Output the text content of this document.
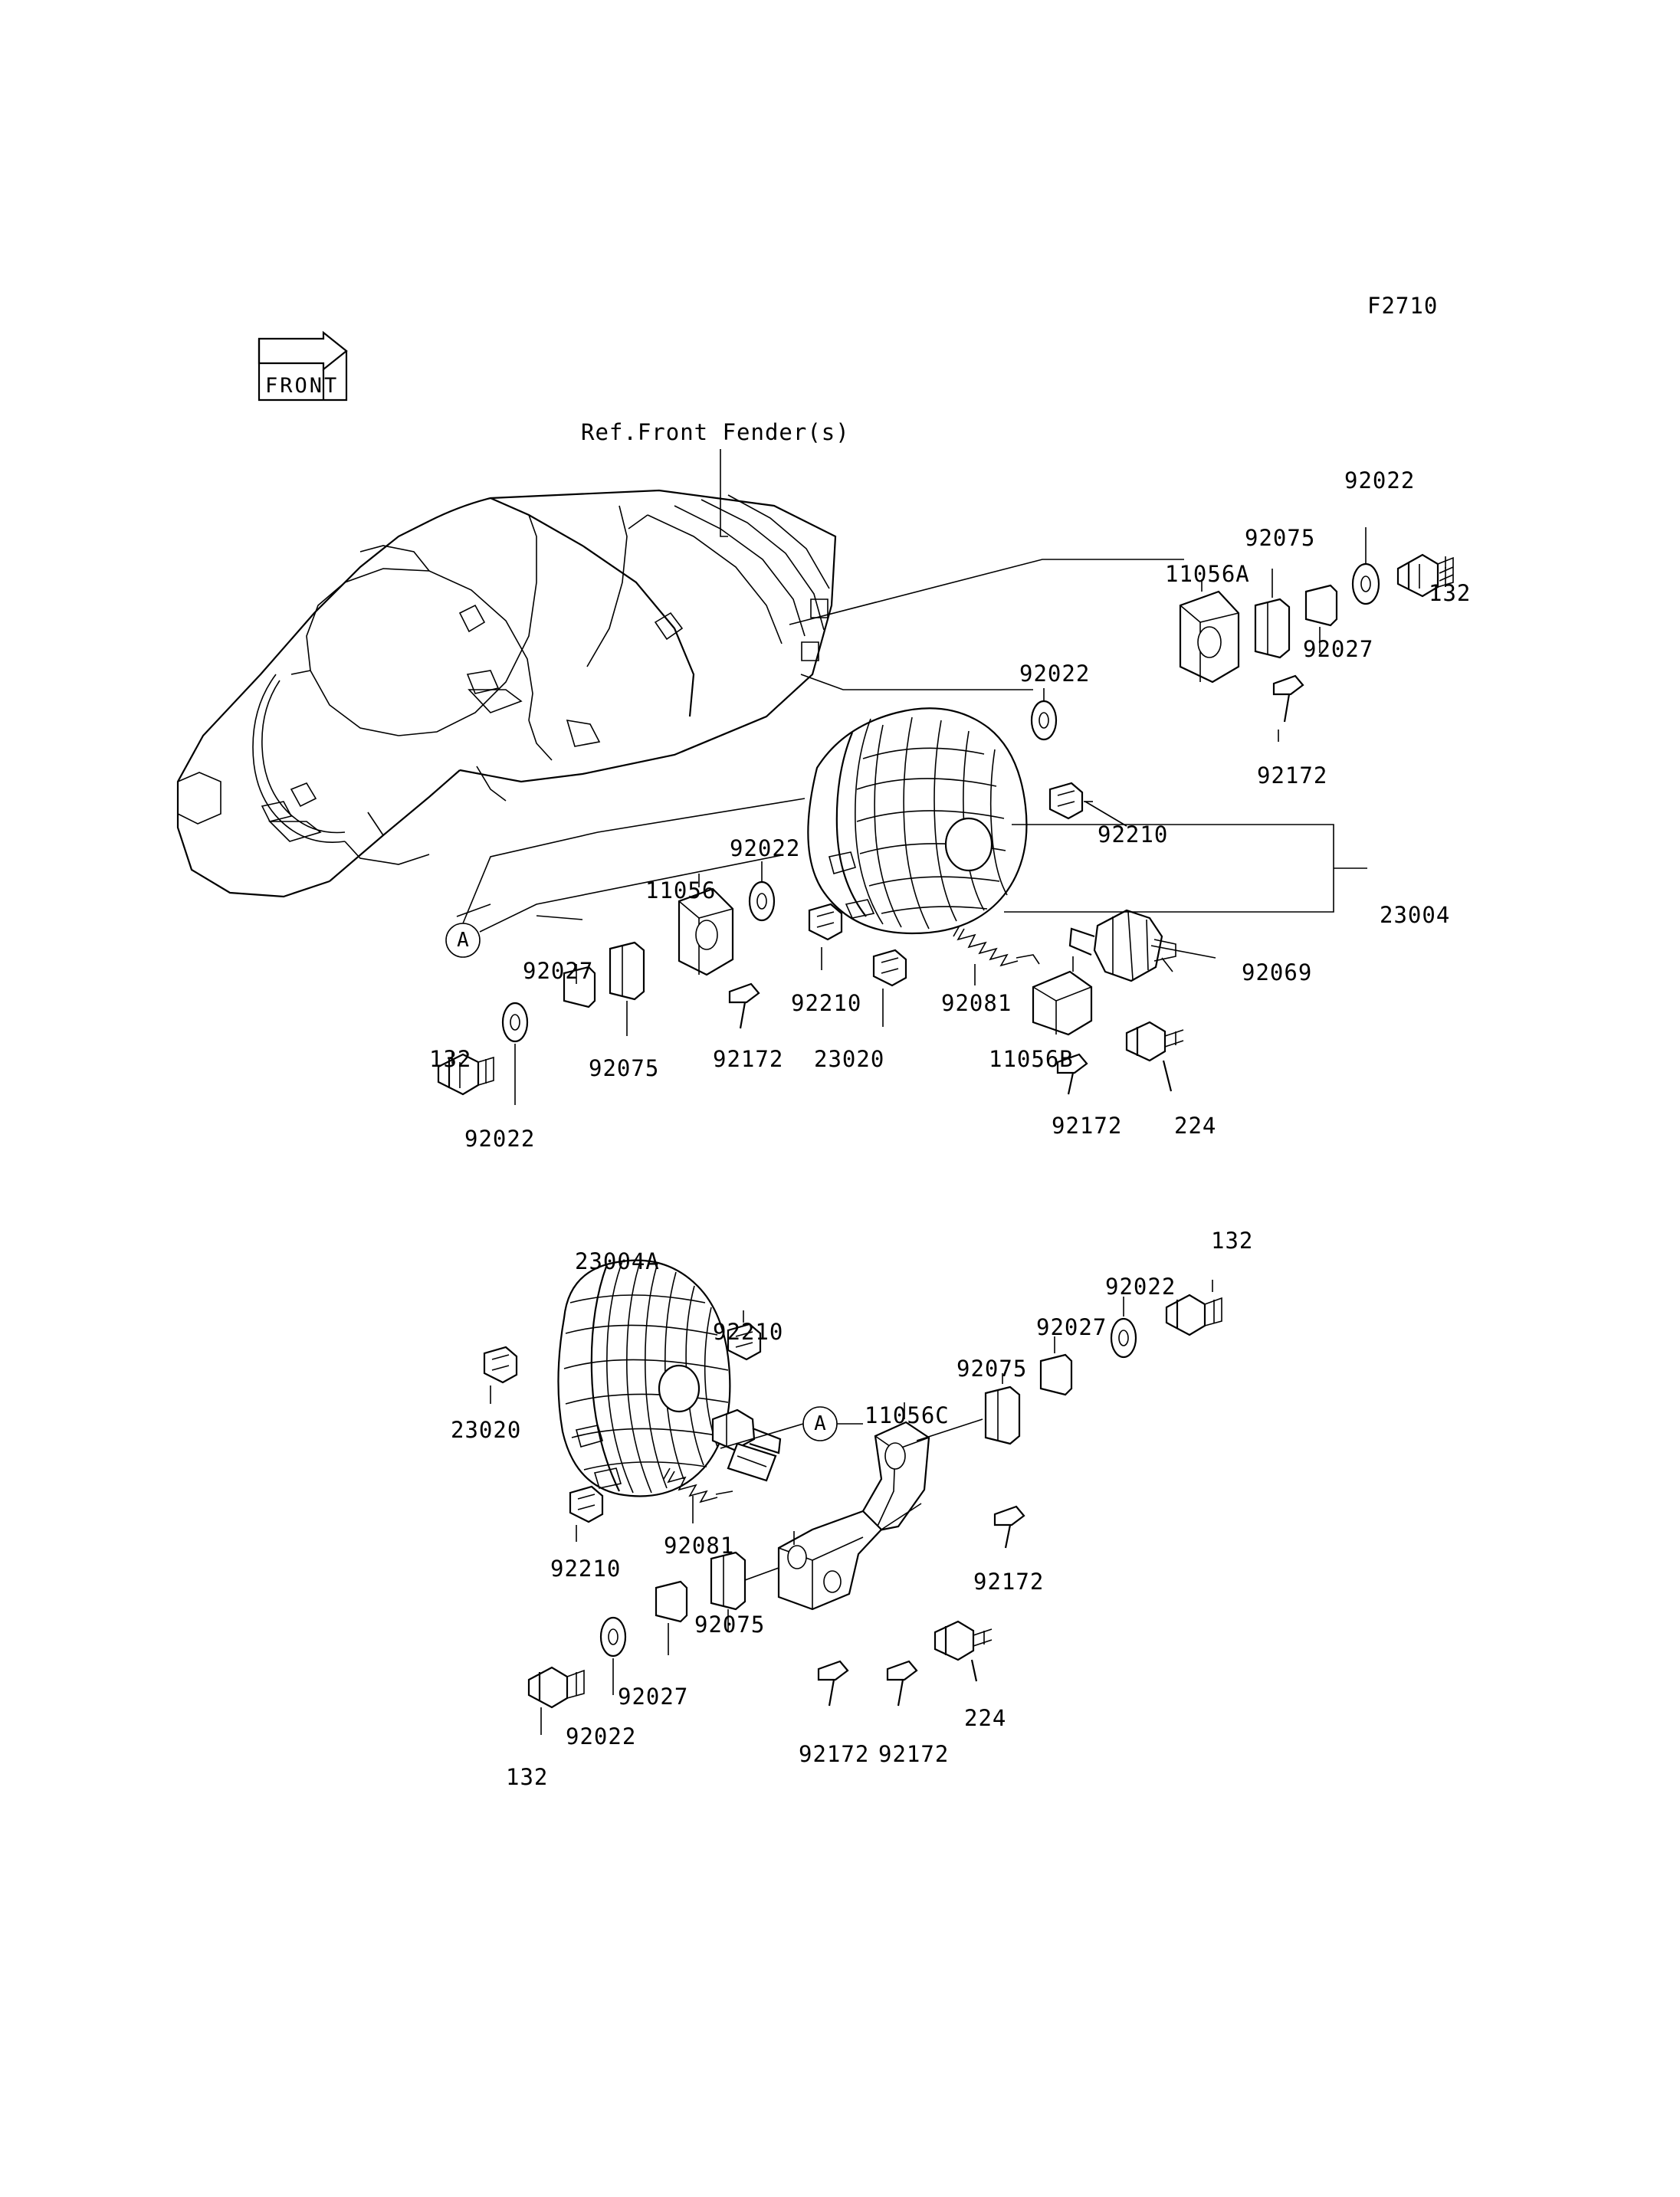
F2710
FRONT
Ref.Front Fender(s)
92022
92075
11056A
132
92027
92022
92172
92210
23004
92022
11056
92069
92027
92210	92081
132	92075 92172 23020	11056B
92022	92172 224
A
132
23004A
92022
92210	92027
92075
11056C
23020
92081
92210	92172
92075
92027
224
92022
92172 92172
132
A
